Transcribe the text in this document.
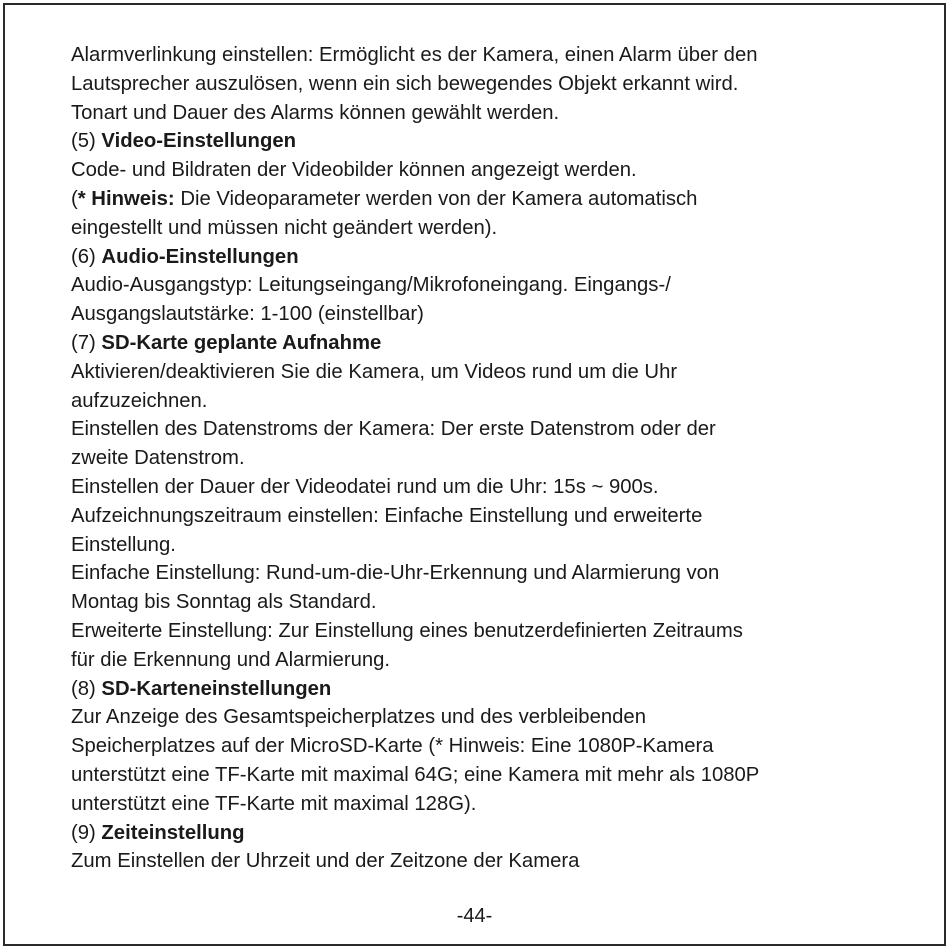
Alarmverlinkung einstellen: Ermöglicht es der Kamera, einen Alarm über den
Lautsprecher auszulösen, wenn ein sich bewegendes Objekt erkannt wird.
Tonart und Dauer des Alarms können gewählt werden.
(5) Video-Einstellungen
Code- und Bildraten der Videobilder können angezeigt werden.
(* Hinweis: Die Videoparameter werden von der Kamera automatisch
eingestellt und müssen nicht geändert werden).
(6) Audio-Einstellungen
Audio-Ausgangstyp: Leitungseingang/Mikrofoneingang. Eingangs-/
Ausgangslautstärke: 1-100 (einstellbar)
(7) SD-Karte geplante Aufnahme
Aktivieren/deaktivieren Sie die Kamera, um Videos rund um die Uhr
aufzuzeichnen.
Einstellen des Datenstroms der Kamera: Der erste Datenstrom oder der
zweite Datenstrom.
Einstellen der Dauer der Videodatei rund um die Uhr: 15s ~ 900s.
Aufzeichnungszeitraum einstellen: Einfache Einstellung und erweiterte
Einstellung.
Einfache Einstellung: Rund-um-die-Uhr-Erkennung und Alarmierung von
Montag bis Sonntag als Standard.
Erweiterte Einstellung: Zur Einstellung eines benutzerdefinierten Zeitraums
für die Erkennung und Alarmierung.
(8) SD-Karteneinstellungen
Zur Anzeige des Gesamtspeicherplatzes und des verbleibenden
Speicherplatzes auf der MicroSD-Karte (* Hinweis: Eine 1080P-Kamera
unterstützt eine TF-Karte mit maximal 64G; eine Kamera mit mehr als 1080P
unterstützt eine TF-Karte mit maximal 128G).
(9) Zeiteinstellung
Zum Einstellen der Uhrzeit und der Zeitzone der Kamera
-44-
